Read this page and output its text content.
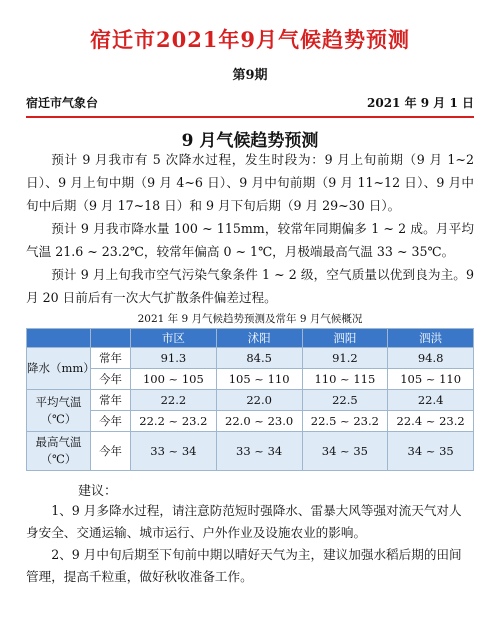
宿迁市2021年9月气候趋势预测
第9期
宿迁市气象台	2021 年 9 月 1 日
9 月气候趋势预测

预计 9 月我市有 5 次降水过程，发生时段为：9 月上旬前期（9 月 1~2 日）、9 月上旬中期（9 月 4~6 日）、9 月中旬前期（9 月 11~12 日）、9 月中旬中后期（9 月 17~18 日）和 9 月下旬后期（9 月 29~30 日）。

预计 9 月我市降水量 100 ~ 115mm，较常年同期偏多 1 ~ 2 成。月平均气温 21.6 ~ 23.2℃，较常年偏高 0 ~ 1℃，月极端最高气温 33 ~ 35℃。

预计 9 月上旬我市空气污染气象条件 1 ~ 2 级，空气质量以优到良为主。9 月 20 日前后有一次大气扩散条件偏差过程。

2021 年 9 月气候趋势预测及常年 9 月气候概况
		市区	沭阳	泗阳	泗洪
降水（mm）	常年	91.3	84.5	91.2	94.8
	今年	100 ~ 105	105 ~ 110	110 ~ 115	105 ~ 110
平均气温
（℃）	常年	22.2	22.0	22.5	22.4
	今年	22.2 ~ 23.2	22.0 ~ 23.0	22.5 ~ 23.2	22.4 ~ 23.2
最高气温
（℃）	今年	33 ~ 34	33 ~ 34	34 ~ 35	34 ~ 35
建议：

1、9 月多降水过程，请注意防范短时强降水、雷暴大风等强对流天气对人身安全、交通运输、城市运行、户外作业及设施农业的影响。

2、9 月中旬后期至下旬前中期以晴好天气为主，建议加强水稻后期的田间管理，提高千粒重，做好秋收准备工作。
